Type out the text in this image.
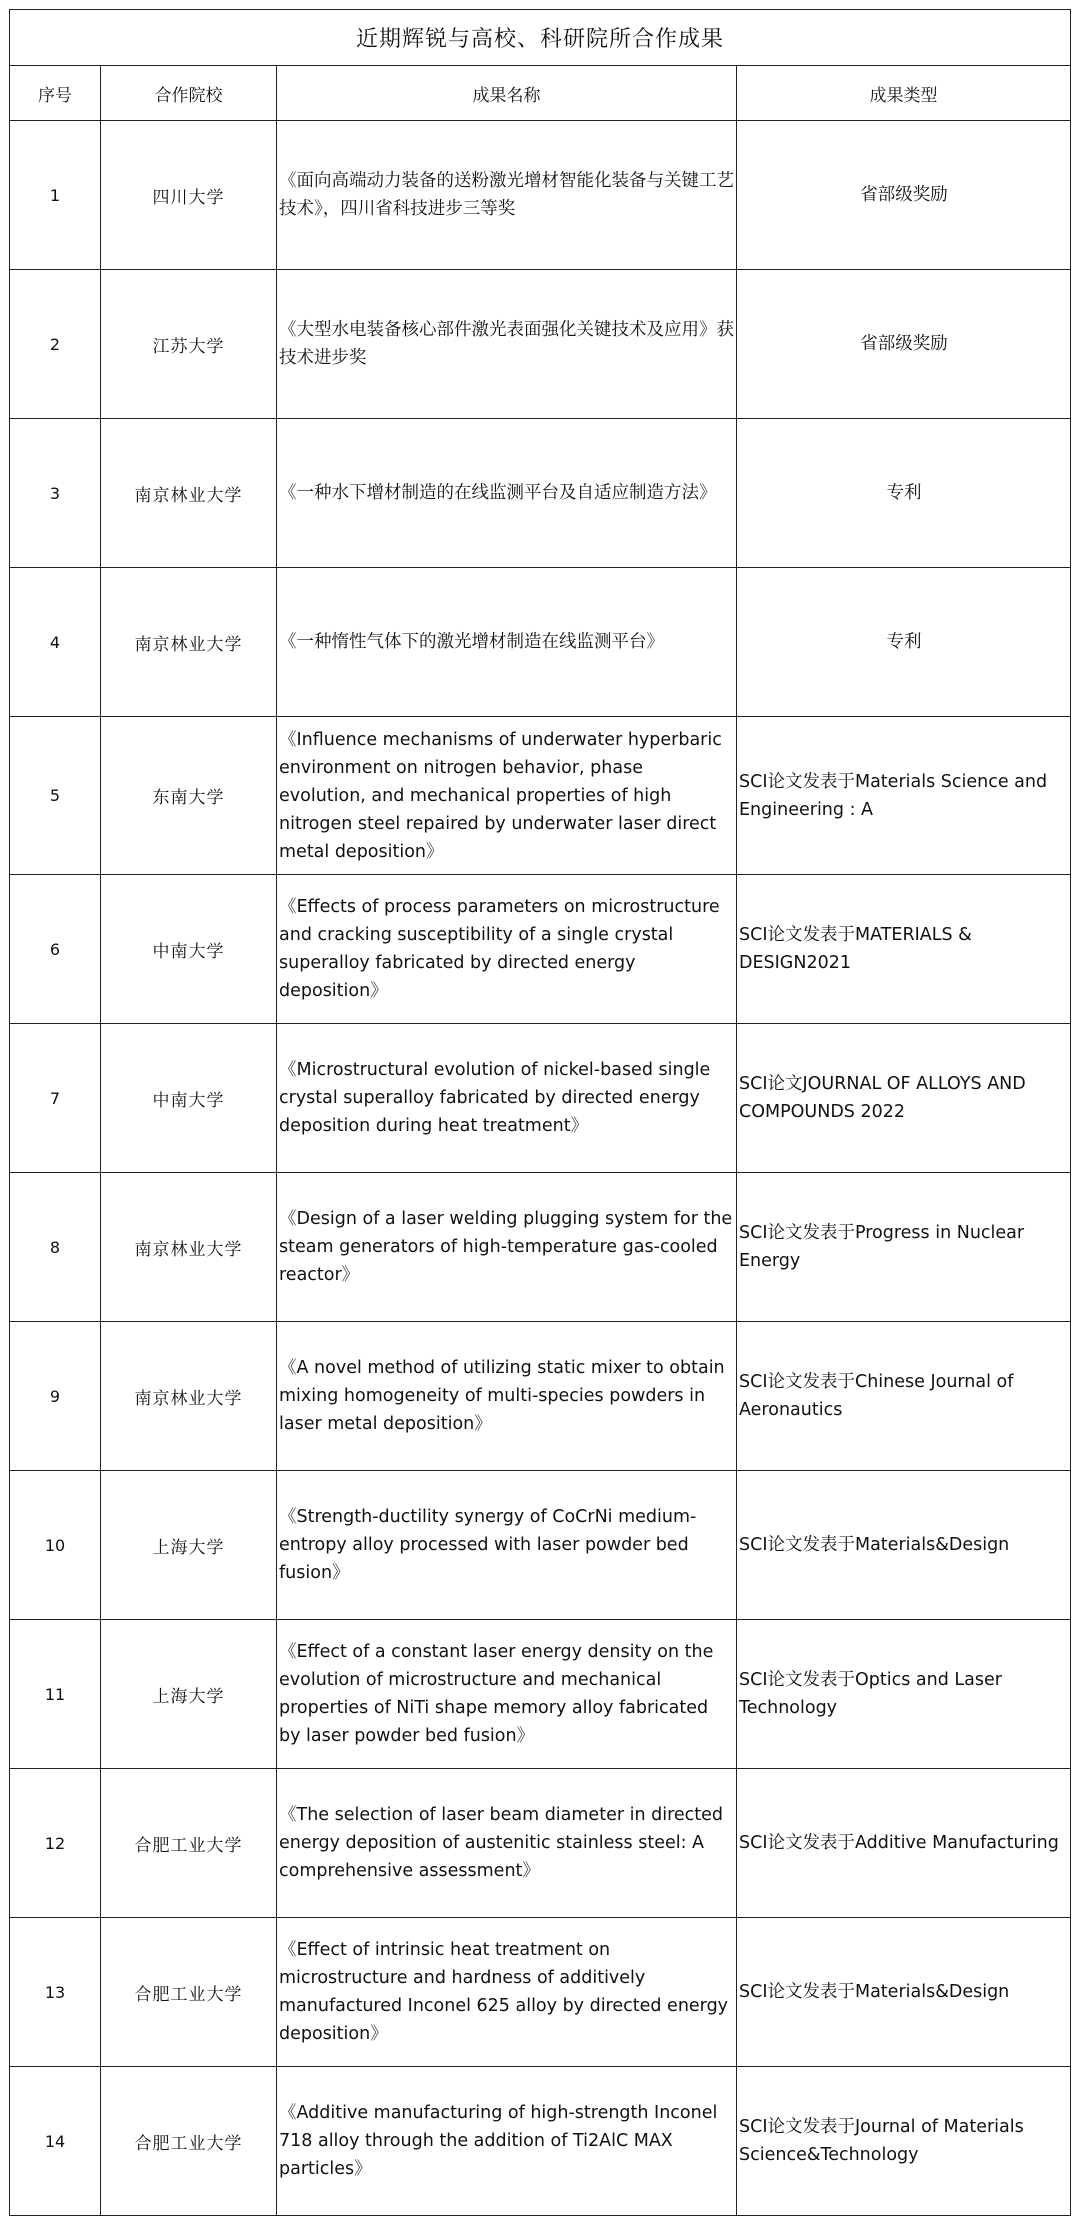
近期辉锐与高校、科研院所合作成果			
序号	合作院校	成果名称	成果类型
1	四川大学	《面向高端动力装备的送粉激光增材智能化装备与关键工艺技术》，四川省科技进步三等奖	省部级奖励
2	江苏大学	《大型水电装备核心部件激光表面强化关键技术及应用》获技术进步奖	省部级奖励
3	南京林业大学	《一种水下增材制造的在线监测平台及自适应制造方法》	专利
4	南京林业大学	《一种惰性气体下的激光增材制造在线监测平台》	专利
5	东南大学	《Influence mechanisms of underwater hyperbaric environment on nitrogen behavior, phase evolution, and mechanical properties of high nitrogen steel repaired by underwater laser direct metal deposition》	SCI论文发表于Materials Science and Engineering : A
6	中南大学	《Effects of process parameters on microstructure and cracking susceptibility of a single crystal superalloy fabricated by directed energy deposition》	SCI论文发表于MATERIALS & DESIGN2021
7	中南大学	《Microstructural evolution of nickel-based single crystal superalloy fabricated by directed energy deposition during heat treatment》	SCI论文JOURNAL OF ALLOYS AND COMPOUNDS 2022
8	南京林业大学	《Design of a laser welding plugging system for the steam generators of high-temperature gas-cooled reactor》	SCI论文发表于Progress in Nuclear Energy
9	南京林业大学	《A novel method of utilizing static mixer to obtain mixing homogeneity of multi-species powders in laser metal deposition》	SCI论文发表于Chinese Journal of Aeronautics
10	上海大学	《Strength-ductility synergy of CoCrNi medium-entropy alloy processed with laser powder bed fusion》	SCI论文发表于Materials&Design
11	上海大学	《Effect of a constant laser energy density on the evolution of microstructure and mechanical properties of NiTi shape memory alloy fabricated by laser powder bed fusion》	SCI论文发表于Optics and Laser Technology
12	合肥工业大学	《The selection of laser beam diameter in directed energy deposition of austenitic stainless steel: A comprehensive assessment》	SCI论文发表于Additive Manufacturing
13	合肥工业大学	《Effect of intrinsic heat treatment on microstructure and hardness of additively manufactured Inconel 625 alloy by directed energy deposition》	SCI论文发表于Materials&Design
14	合肥工业大学	《Additive manufacturing of high-strength Inconel 718 alloy through the addition of Ti2AlC MAX particles》	SCI论文发表于Journal of Materials Science&Technology
